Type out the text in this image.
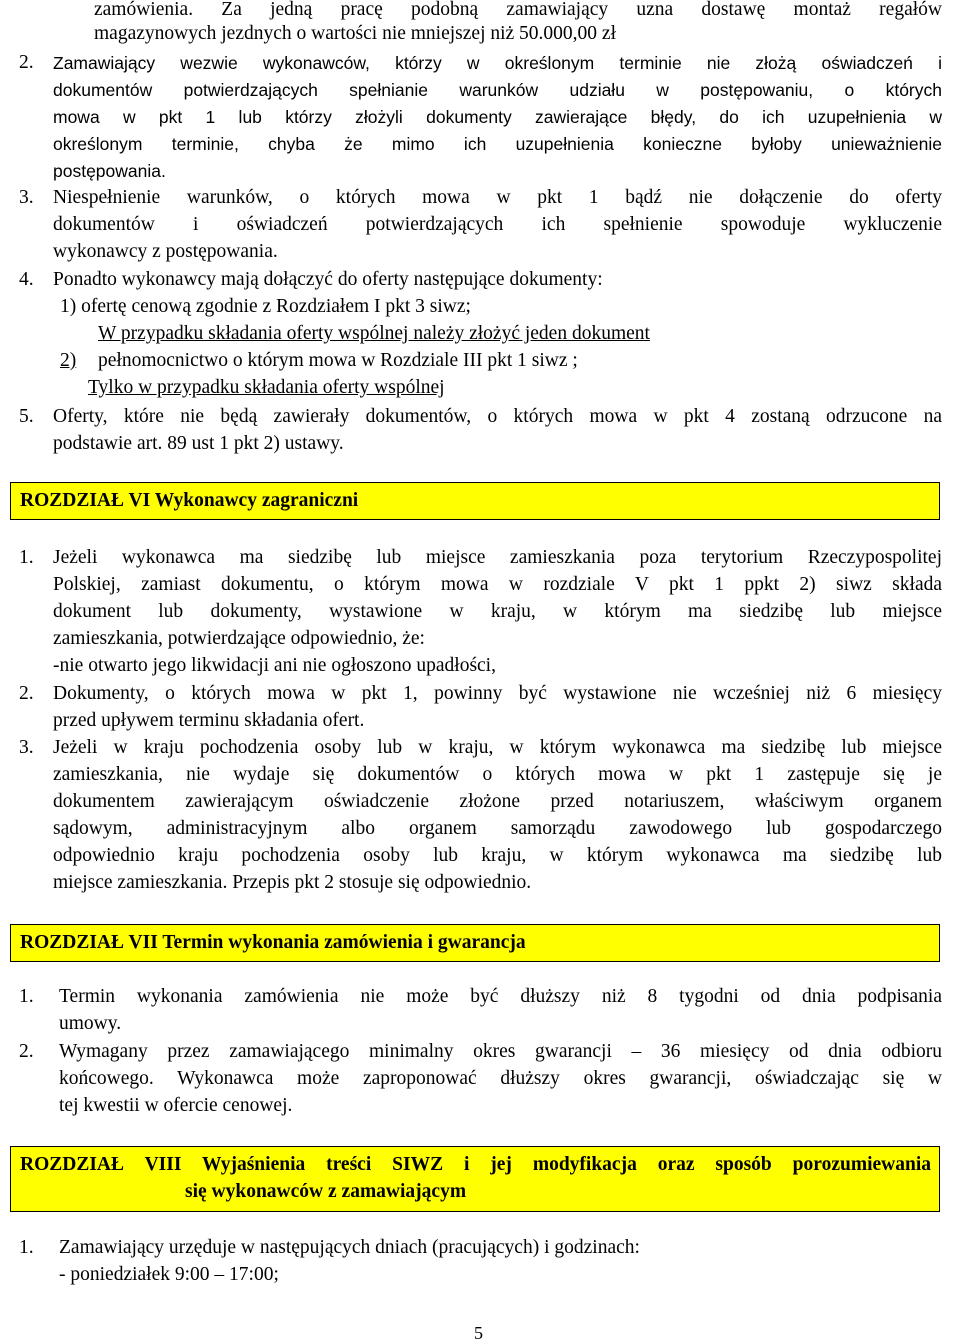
zamówienia. Za jedną pracę podobną zamawiający uzna dostawę montaż regałów
magazynowych jezdnych o wartości nie mniejszej niż 50.000,00 zł
2. Zamawiający wezwie wykonawców, którzy w określonym terminie nie złożą oświadczeń i
dokumentów potwierdzających spełnianie warunków udziału w postępowaniu, o których
mowa w pkt 1 lub którzy złożyli dokumenty zawierające błędy, do ich uzupełnienia w
określonym terminie, chyba że mimo ich uzupełnienia konieczne byłoby unieważnienie
postępowania.
3. Niespełnienie warunków, o których mowa w pkt 1 bądź nie dołączenie do oferty
dokumentów i oświadczeń potwierdzających ich spełnienie spowoduje wykluczenie
wykonawcy z postępowania.
4. Ponadto wykonawcy mają dołączyć do oferty następujące dokumenty:
1) ofertę cenową zgodnie z Rozdziałem I pkt 3 siwz;
W przypadku składania oferty wspólnej należy złożyć jeden dokument
2) pełnomocnictwo o którym mowa w Rozdziale III pkt 1 siwz ;
Tylko w przypadku składania oferty wspólnej
5. Oferty, które nie będą zawierały dokumentów, o których mowa w pkt 4 zostaną odrzucone na
podstawie art. 89 ust 1 pkt 2) ustawy.
ROZDZIAŁ VI Wykonawcy zagraniczni
1. Jeżeli wykonawca ma siedzibę lub miejsce zamieszkania poza terytorium Rzeczypospolitej
Polskiej, zamiast dokumentu, o którym mowa w rozdziale V pkt 1 ppkt 2) siwz składa
dokument lub dokumenty, wystawione w kraju, w którym ma siedzibę lub miejsce
zamieszkania, potwierdzające odpowiednio, że:
-nie otwarto jego likwidacji ani nie ogłoszono upadłości,
2. Dokumenty, o których mowa w pkt 1, powinny być wystawione nie wcześniej niż 6 miesięcy
przed upływem terminu składania ofert.
3. Jeżeli w kraju pochodzenia osoby lub w kraju, w którym wykonawca ma siedzibę lub miejsce
zamieszkania, nie wydaje się dokumentów o których mowa w pkt 1 zastępuje się je
dokumentem zawierającym oświadczenie złożone przed notariuszem, właściwym organem
sądowym, administracyjnym albo organem samorządu zawodowego lub gospodarczego
odpowiednio kraju pochodzenia osoby lub kraju, w którym wykonawca ma siedzibę lub
miejsce zamieszkania. Przepis pkt 2 stosuje się odpowiednio.
ROZDZIAŁ VII Termin wykonania zamówienia i gwarancja
1. Termin wykonania zamówienia nie może być dłuższy niż 8 tygodni od dnia podpisania
umowy.
2. Wymagany przez zamawiającego minimalny okres gwarancji – 36 miesięcy od dnia odbioru
końcowego. Wykonawca może zaproponować dłuższy okres gwarancji, oświadczając się w
tej kwestii w ofercie cenowej.
ROZDZIAŁ VIII Wyjaśnienia treści SIWZ i jej modyfikacja oraz sposób porozumiewania
się wykonawców z zamawiającym
1. Zamawiający urzęduje w następujących dniach (pracujących) i godzinach:
- poniedziałek 9:00 – 17:00;
5
